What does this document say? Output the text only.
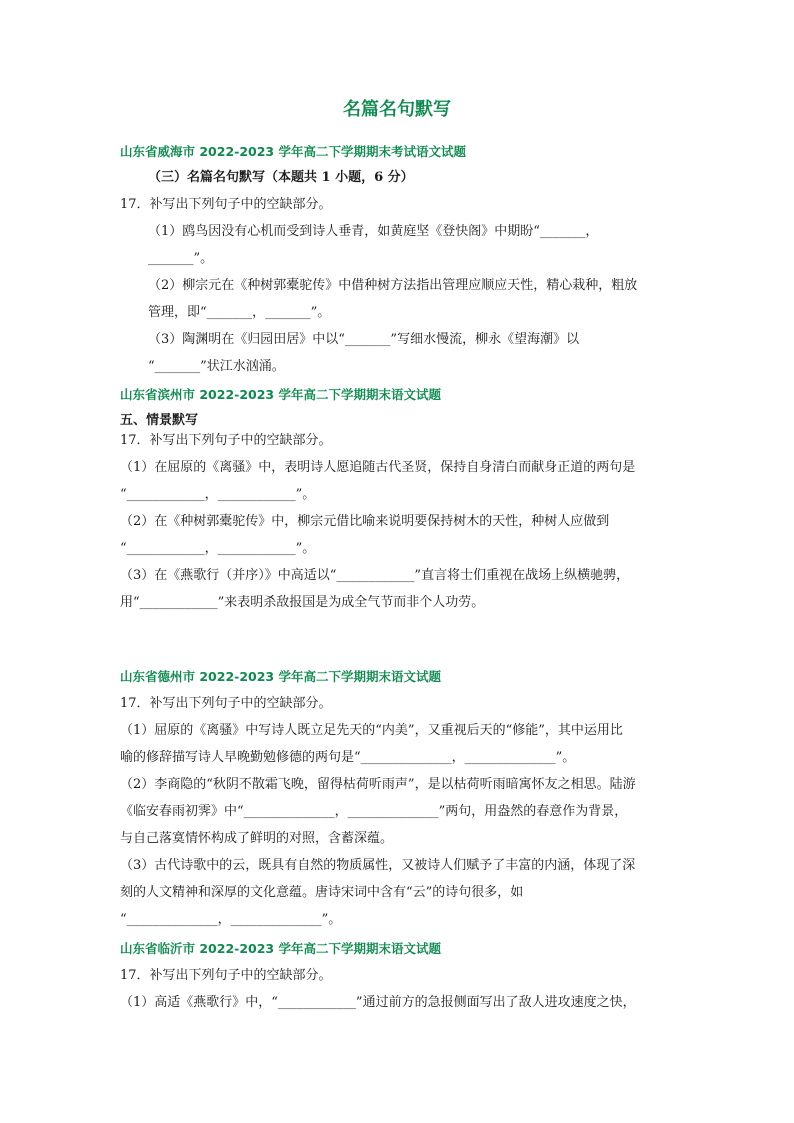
名篇名句默写
山东省威海市 2022-2023 学年高二下学期期末考试语文试题
（三）名篇名句默写（本题共 1 小题，6 分）
17．补写出下列句子中的空缺部分。
（1）鸥鸟因没有心机而受到诗人垂青，如黄庭坚《登快阁》中期盼“_______，
_______”。
（2）柳宗元在《种树郭橐驼传》中借种树方法指出管理应顺应天性，精心栽种，粗放
管理，即“_______，_______”。
（3）陶渊明在《归园田居》中以“_______”写细水慢流，柳永《望海潮》以
“_______”状江水汹涌。
山东省滨州市 2022-2023 学年高二下学期期末语文试题
五、情景默写
17．补写出下列句子中的空缺部分。
（1）在屈原的《离骚》中，表明诗人愿追随古代圣贤，保持自身清白而献身正道的两句是
“____________，____________”。
（2）在《种树郭橐驼传》中，柳宗元借比喻来说明要保持树木的天性，种树人应做到
“____________，____________”。
（3）在《燕歌行（并序）》中高适以“____________”直言将士们重视在战场上纵横驰骋，
用“____________”来表明杀敌报国是为成全气节而非个人功劳。
山东省德州市 2022-2023 学年高二下学期期末语文试题
17．补写出下列句子中的空缺部分。
（1）屈原的《离骚》中写诗人既立足先天的“内美”，又重视后天的“修能”，其中运用比
喻的修辞描写诗人早晚勤勉修德的两句是“______________，______________”。
（2）李商隐的“秋阴不散霜飞晚，留得枯荷听雨声”，是以枯荷听雨暗寓怀友之相思。陆游
《临安春雨初霁》中“______________，______________”两句，用盎然的春意作为背景，
与自己落寞情怀构成了鲜明的对照，含蓄深蕴。
（3）古代诗歌中的云，既具有自然的物质属性，又被诗人们赋予了丰富的内涵，体现了深
刻的人文精神和深厚的文化意蕴。唐诗宋词中含有“云”的诗句很多，如
“______________，______________”。
山东省临沂市 2022-2023 学年高二下学期期末语文试题
17．补写出下列句子中的空缺部分。
（1）高适《燕歌行》中，“____________”通过前方的急报侧面写出了敌人进攻速度之快，
